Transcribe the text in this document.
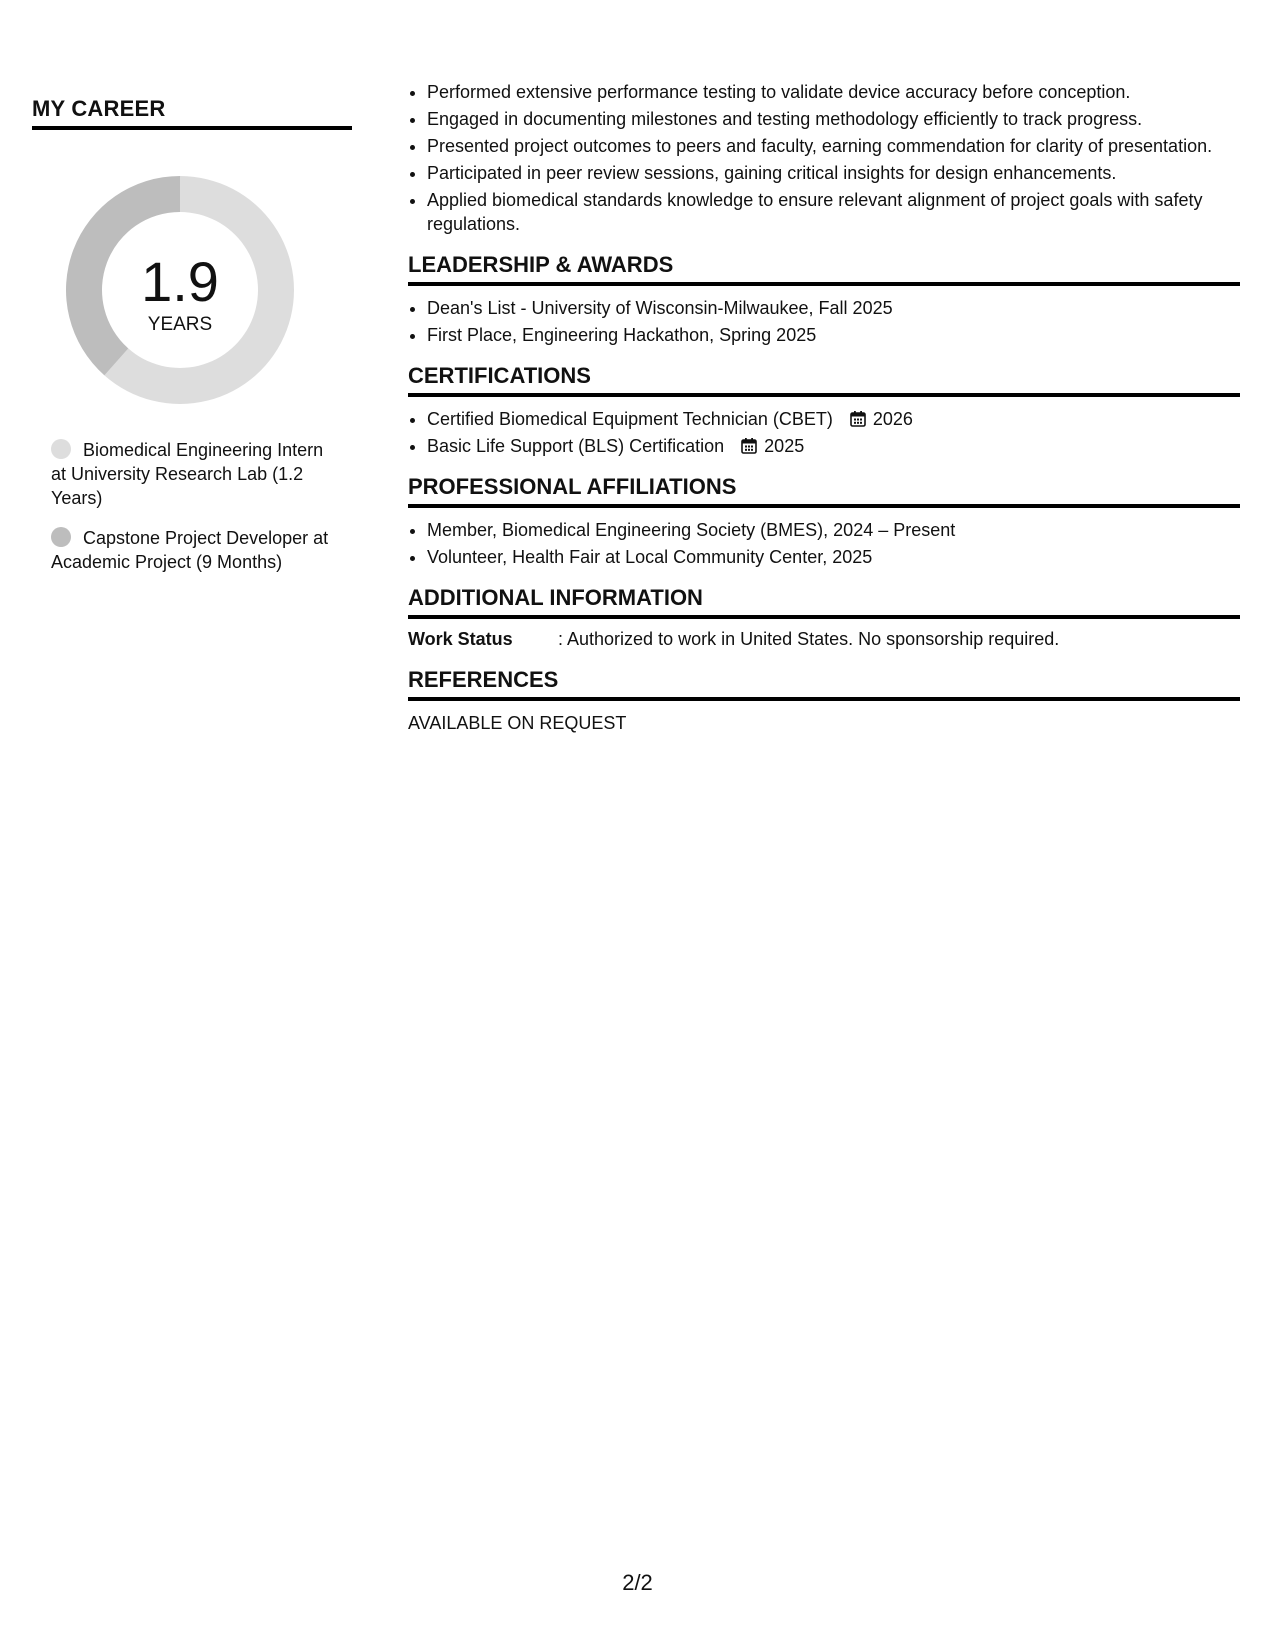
MY CAREER
1.9
YEARS
Biomedical Engineering Intern at University Research Lab (1.2 Years)
Capstone Project Developer at Academic Project (9 Months)
• Performed extensive performance testing to validate device accuracy before conception.
• Engaged in documenting milestones and testing methodology efficiently to track progress.
• Presented project outcomes to peers and faculty, earning commendation for clarity of presentation.
• Participated in peer review sessions, gaining critical insights for design enhancements.
• Applied biomedical standards knowledge to ensure relevant alignment of project goals with safety regulations.
LEADERSHIP & AWARDS
• Dean's List - University of Wisconsin-Milwaukee, Fall 2025
• First Place, Engineering Hackathon, Spring 2025
CERTIFICATIONS
• Certified Biomedical Equipment Technician (CBET) 2026
• Basic Life Support (BLS) Certification 2025
PROFESSIONAL AFFILIATIONS
• Member, Biomedical Engineering Society (BMES), 2024 – Present
• Volunteer, Health Fair at Local Community Center, 2025
ADDITIONAL INFORMATION
Work Status	: Authorized to work in United States. No sponsorship required.
REFERENCES
AVAILABLE ON REQUEST
2/2
